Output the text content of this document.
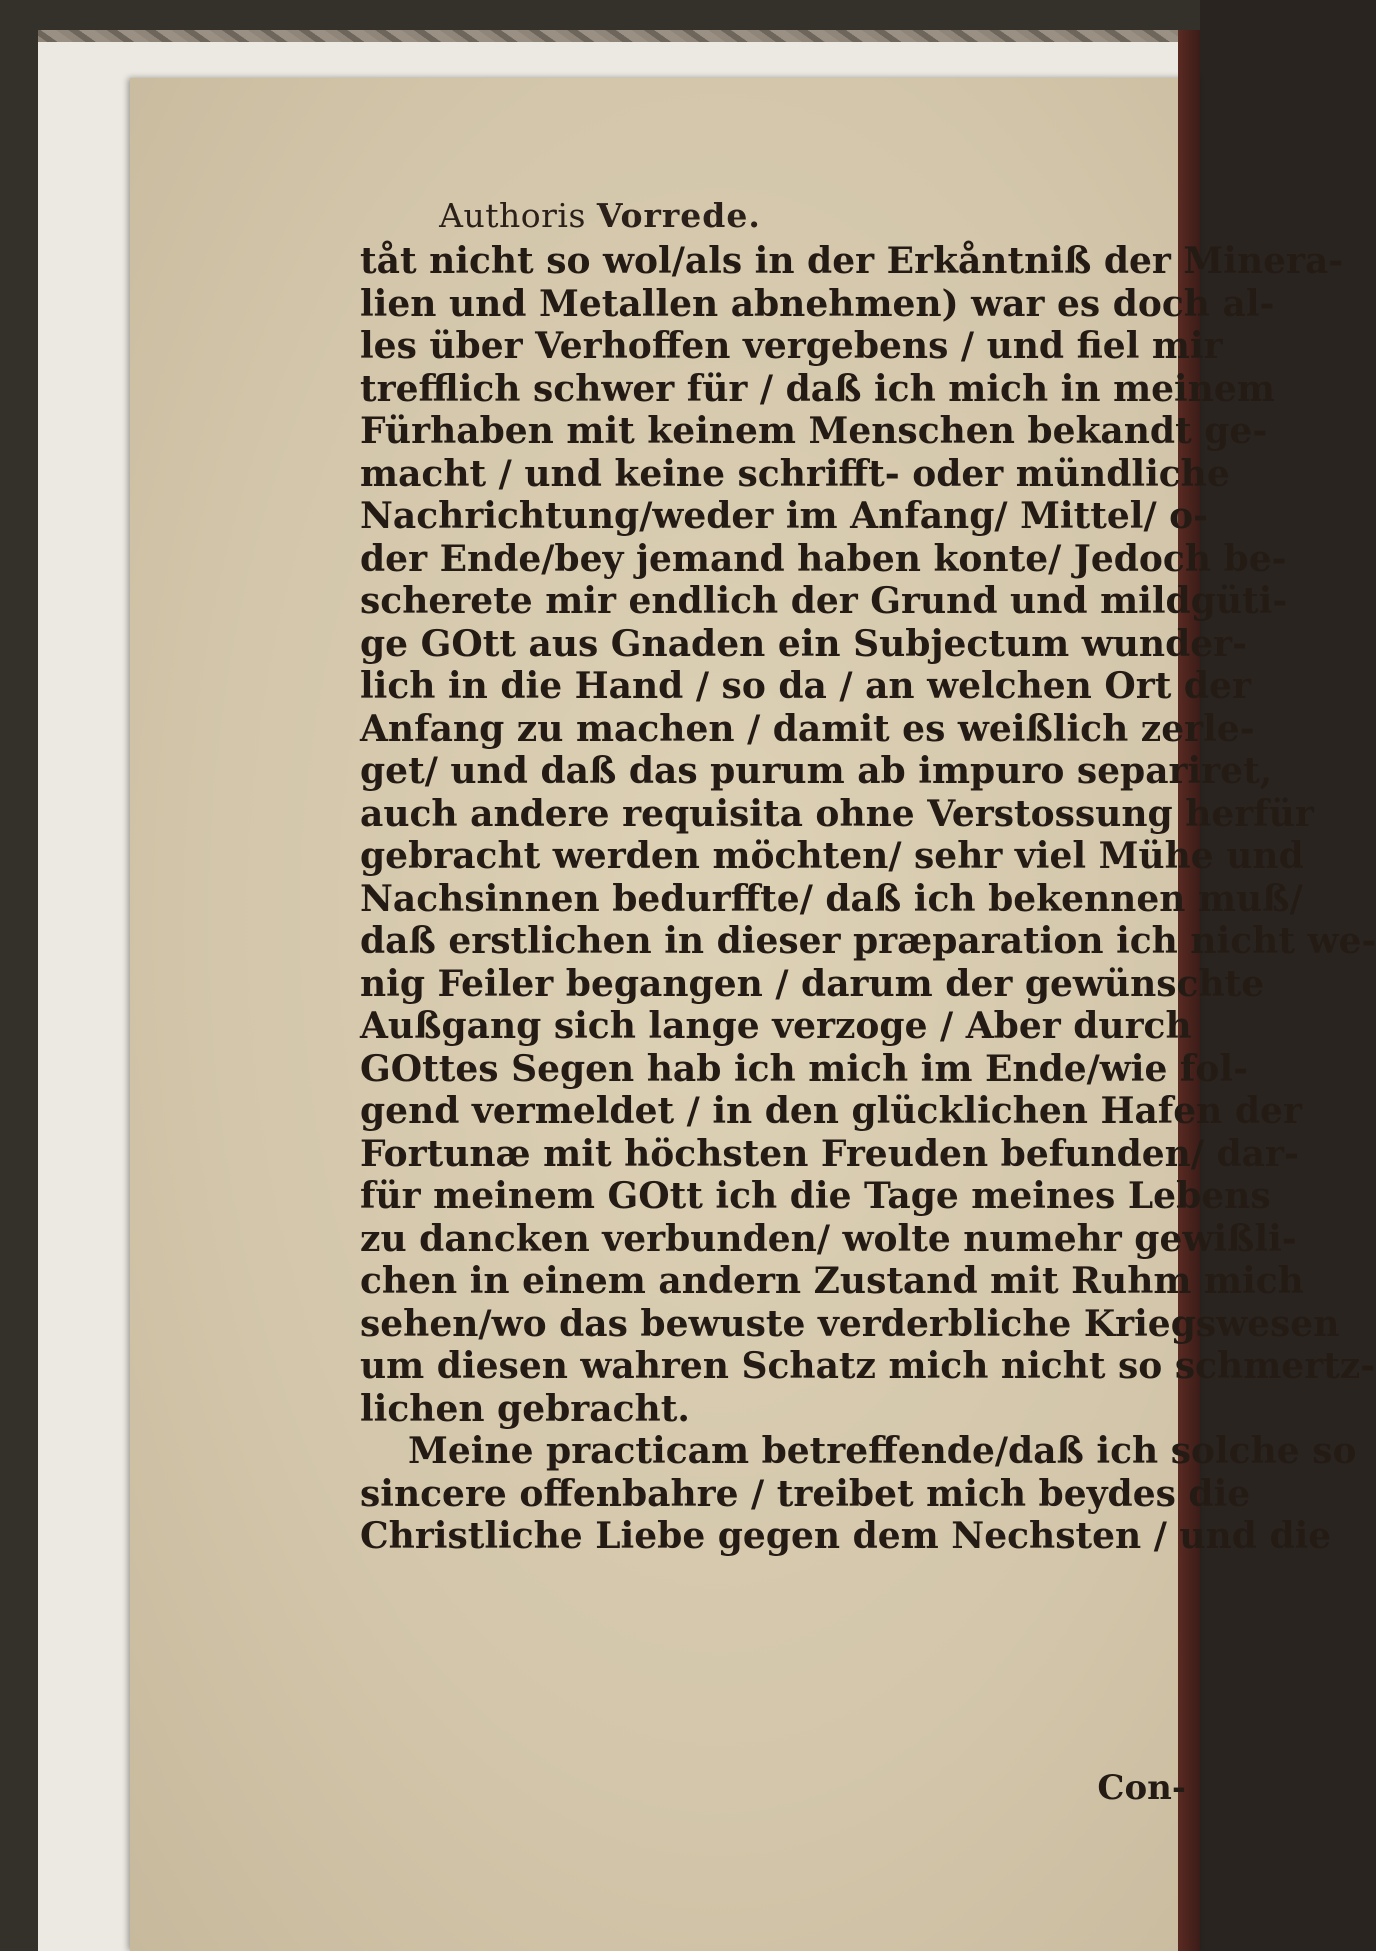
Authoris Vorrede.
tåt nicht so wol/als in der Erkåntniß der Minera-
lien und Metallen abnehmen) war es doch al-
les über Verhoffen vergebens / und fiel mir
trefflich schwer für / daß ich mich in meinem
Fürhaben mit keinem Menschen bekandt ge-
macht / und keine schrifft- oder mündliche
Nachrichtung/weder im Anfang/ Mittel/ o-
der Ende/bey jemand haben konte/ Jedoch be-
scherete mir endlich der Grund und mildgüti-
ge GOtt aus Gnaden ein Subjectum wunder-
lich in die Hand / so da / an welchen Ort der
Anfang zu machen / damit es weißlich zerle-
get/ und daß das purum ab impuro separiret,
auch andere requisita ohne Verstossung herfür
gebracht werden möchten/ sehr viel Mühe und
Nachsinnen bedurffte/ daß ich bekennen muß/
daß erstlichen in dieser præparation ich nicht we-
nig Feiler begangen / darum der gewünschte
Außgang sich lange verzoge / Aber durch
GOttes Segen hab ich mich im Ende/wie fol-
gend vermeldet / in den glücklichen Hafen der
Fortunæ mit höchsten Freuden befunden/ dar-
für meinem GOtt ich die Tage meines Lebens
zu dancken verbunden/ wolte numehr gewißli-
chen in einem andern Zustand mit Ruhm mich
sehen/wo das bewuste verderbliche Kriegswesen
um diesen wahren Schatz mich nicht so schmertz-
lichen gebracht.
Meine practicam betreffende/daß ich solche so
sincere offenbahre / treibet mich beydes die
Christliche Liebe gegen dem Nechsten / und die
Con-
